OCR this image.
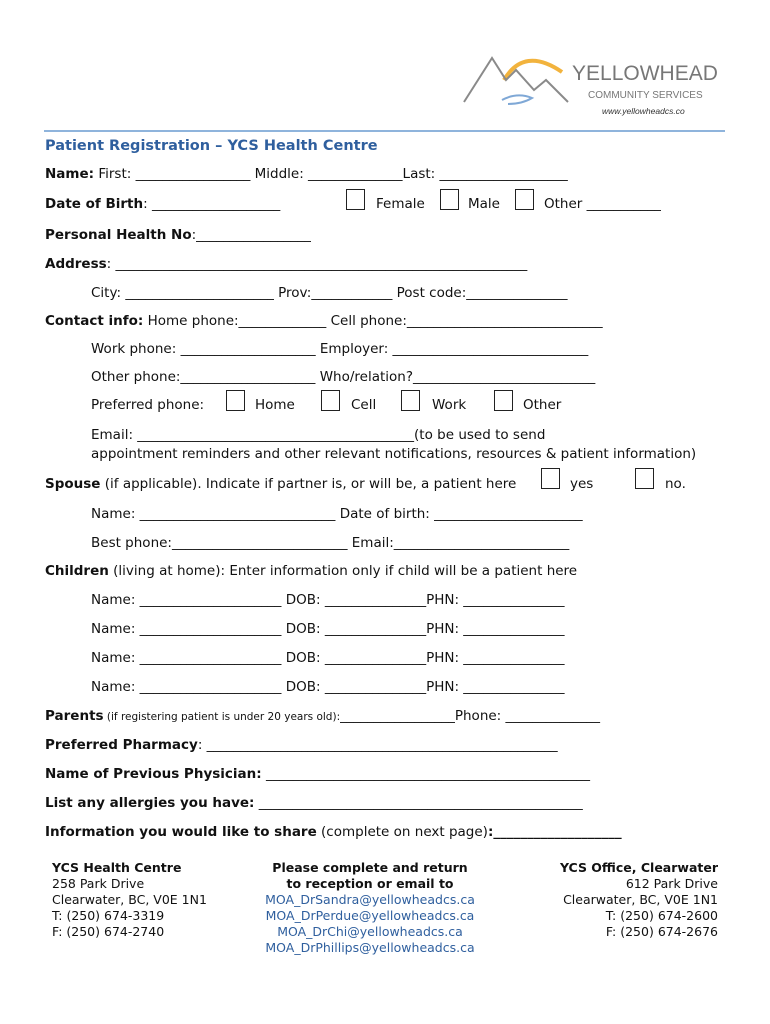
YELLOWHEAD
COMMUNITY SERVICES
www.yellowheadcs.co
Patient Registration – YCS Health Centre
Name: First: _________________ Middle: ______________Last: ___________________
Date of Birth: ___________________	Female	Male	Other ___________
Personal Health No:_________________
Address: _____________________________________________________________
City: ______________________ Prov:____________ Post code:_______________
Contact info: Home phone:_____________ Cell phone:_____________________________
Work phone: ____________________ Employer: _____________________________
Other phone:____________________ Who/relation?___________________________
Preferred phone:	Home	Cell	Work	Other
Email: _________________________________________(to be used to send
appointment reminders and other relevant notifications, resources & patient information)
Spouse (if applicable). Indicate if partner is, or will be, a patient here	yes	no.
Name: _____________________________ Date of birth: ______________________
Best phone:__________________________ Email:__________________________
Children (living at home): Enter information only if child will be a patient here
Name: _____________________ DOB: _______________PHN: _______________
Name: _____________________ DOB: _______________PHN: _______________
Name: _____________________ DOB: _______________PHN: _______________
Name: _____________________ DOB: _______________PHN: _______________
Parents (if registering patient is under 20 years old):_________________Phone: ______________
Preferred Pharmacy: ____________________________________________________
Name of Previous Physician: ________________________________________________
List any allergies you have: ________________________________________________
Information you would like to share (complete on next page):___________________
YCS Health Centre
258 Park Drive
Clearwater, BC, V0E 1N1
T: (250) 674-3319
F: (250) 674-2740
Please complete and return
to reception or email to
MOA_DrSandra@yellowheadcs.ca
MOA_DrPerdue@yellowheadcs.ca
MOA_DrChi@yellowheadcs.ca
MOA_DrPhillips@yellowheadcs.ca
YCS Office, Clearwater
612 Park Drive
Clearwater, BC, V0E 1N1
T: (250) 674-2600
F: (250) 674-2676
